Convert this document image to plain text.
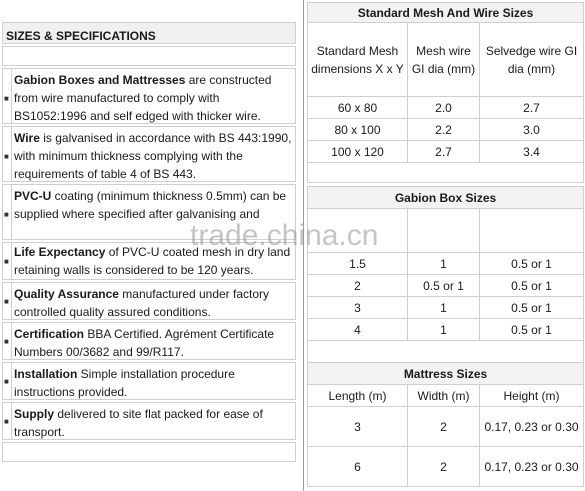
SIZES & SPECIFICATIONS
■
Gabion Boxes and Mattresses are constructed from wire manufactured to comply with BS1052:1996 and self edged with thicker wire.
■
Wire is galvanised in accordance with BS 443:1990, with minimum thickness complying with the requirements of table 4 of BS 443.
■
PVC-U coating (minimum thickness 0.5mm) can be supplied where specified after galvanising and
■
Life Expectancy of PVC-U coated mesh in dry land retaining walls is considered to be 120 years.
■
Quality Assurance manufactured under factory controlled quality assured conditions.
■
Certification BBA Certified. Agrément Certificate Numbers 00/3682 and 99/R117.
■
Installation Simple installation procedure instructions provided.
■
Supply delivered to site flat packed for ease of transport.
Standard Mesh And Wire Sizes		
Standard Mesh dimensions X x Y	Mesh wire GI dia (mm)	Selvedge wire GI dia (mm)
60 x 80	2.0	2.7
80 x 100	2.2	3.0
100 x 120	2.7	3.4

Gabion Box Sizes		

1.5	1	0.5 or 1
2	0.5 or 1	0.5 or 1
3	1	0.5 or 1
4	1	0.5 or 1

Mattress Sizes		
Length (m)	Width (m)	Height (m)
3	2	0.17, 0.23 or 0.30
6	2	0.17, 0.23 or 0.30
trade.china.cn
